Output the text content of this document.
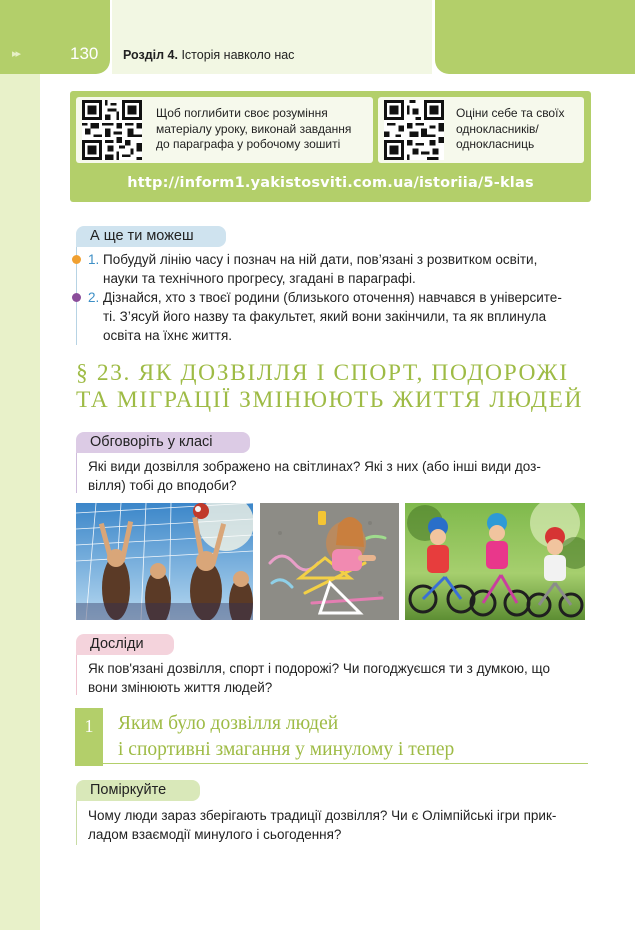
▸▸	130 Розділ 4. Історія навколо нас
Щоб поглибити своє розуміння
матеріалу уроку, виконай завдання
до параграфа у робочому зошиті
Оціни себе та своїх
однокласників/
однокласниць
http://inform1.yakistosviti.com.ua/istoriia/5-klas
А ще ти можеш
1. Побудуй лінію часу і познач на ній дати, пов’язані з розвитком освіти,
науки та технічного прогресу, згадані в параграфі.
2. Дізнайся, хто з твоєї родини (близького оточення) навчався в університе-
ті. З’ясуй його назву та факультет, який вони закінчили, та як вплинула
освіта на їхнє життя.
§ 23. ЯК ДОЗВІЛЛЯ І СПОРТ, ПОДОРОЖІ
ТА МІГРАЦІЇ ЗМІНЮЮТЬ ЖИТТЯ ЛЮДЕЙ
Обговоріть у класі
Які види дозвілля зображено на світлинах? Які з них (або інші види доз-
вілля) тобі до вподоби?
Досліди
Як пов'язані дозвілля, спорт і подорожі? Чи погоджуєшся ти з думкою, що
вони змінюють життя людей?
1	Яким було дозвілля людей
і спортивні змагання у минулому і тепер
Поміркуйте
Чому люди зараз зберігають традиції дозвілля? Чи є Олімпійські ігри прик-
ладом взаємодії минулого і сьогодення?
